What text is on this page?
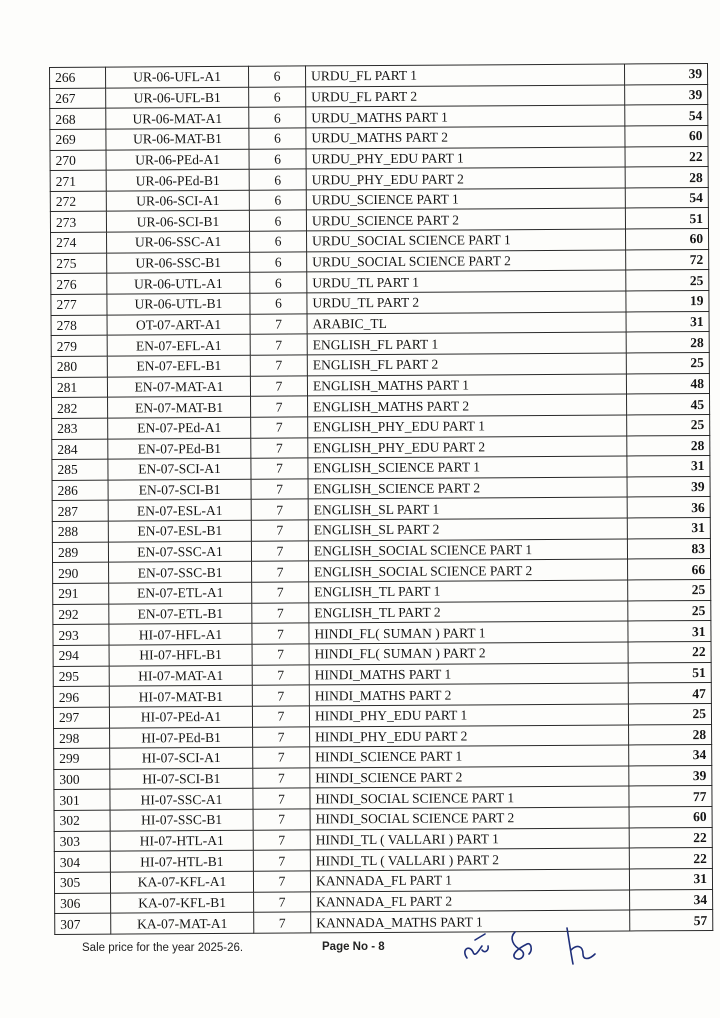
266	UR-06-UFL-A1	6	URDU_FL PART 1	39
267	UR-06-UFL-B1	6	URDU_FL PART 2	39
268	UR-06-MAT-A1	6	URDU_MATHS PART 1	54
269	UR-06-MAT-B1	6	URDU_MATHS PART 2	60
270	UR-06-PEd-A1	6	URDU_PHY_EDU PART 1	22
271	UR-06-PEd-B1	6	URDU_PHY_EDU PART 2	28
272	UR-06-SCI-A1	6	URDU_SCIENCE PART 1	54
273	UR-06-SCI-B1	6	URDU_SCIENCE PART 2	51
274	UR-06-SSC-A1	6	URDU_SOCIAL SCIENCE PART 1	60
275	UR-06-SSC-B1	6	URDU_SOCIAL SCIENCE PART 2	72
276	UR-06-UTL-A1	6	URDU_TL PART 1	25
277	UR-06-UTL-B1	6	URDU_TL PART 2	19
278	OT-07-ART-A1	7	ARABIC_TL	31
279	EN-07-EFL-A1	7	ENGLISH_FL PART 1	28
280	EN-07-EFL-B1	7	ENGLISH_FL PART 2	25
281	EN-07-MAT-A1	7	ENGLISH_MATHS PART 1	48
282	EN-07-MAT-B1	7	ENGLISH_MATHS PART 2	45
283	EN-07-PEd-A1	7	ENGLISH_PHY_EDU PART 1	25
284	EN-07-PEd-B1	7	ENGLISH_PHY_EDU PART 2	28
285	EN-07-SCI-A1	7	ENGLISH_SCIENCE PART 1	31
286	EN-07-SCI-B1	7	ENGLISH_SCIENCE PART 2	39
287	EN-07-ESL-A1	7	ENGLISH_SL PART 1	36
288	EN-07-ESL-B1	7	ENGLISH_SL PART 2	31
289	EN-07-SSC-A1	7	ENGLISH_SOCIAL SCIENCE PART 1	83
290	EN-07-SSC-B1	7	ENGLISH_SOCIAL SCIENCE PART 2	66
291	EN-07-ETL-A1	7	ENGLISH_TL PART 1	25
292	EN-07-ETL-B1	7	ENGLISH_TL PART 2	25
293	HI-07-HFL-A1	7	HINDI_FL( SUMAN ) PART 1	31
294	HI-07-HFL-B1	7	HINDI_FL( SUMAN ) PART 2	22
295	HI-07-MAT-A1	7	HINDI_MATHS PART 1	51
296	HI-07-MAT-B1	7	HINDI_MATHS PART 2	47
297	HI-07-PEd-A1	7	HINDI_PHY_EDU PART 1	25
298	HI-07-PEd-B1	7	HINDI_PHY_EDU PART 2	28
299	HI-07-SCI-A1	7	HINDI_SCIENCE PART 1	34
300	HI-07-SCI-B1	7	HINDI_SCIENCE PART 2	39
301	HI-07-SSC-A1	7	HINDI_SOCIAL SCIENCE PART 1	77
302	HI-07-SSC-B1	7	HINDI_SOCIAL SCIENCE PART 2	60
303	HI-07-HTL-A1	7	HINDI_TL ( VALLARI ) PART 1	22
304	HI-07-HTL-B1	7	HINDI_TL ( VALLARI ) PART 2	22
305	KA-07-KFL-A1	7	KANNADA_FL PART 1	31
306	KA-07-KFL-B1	7	KANNADA_FL PART 2	34
307	KA-07-MAT-A1	7	KANNADA_MATHS PART 1	57
Sale price for the year 2025-26.	Page No - 8
